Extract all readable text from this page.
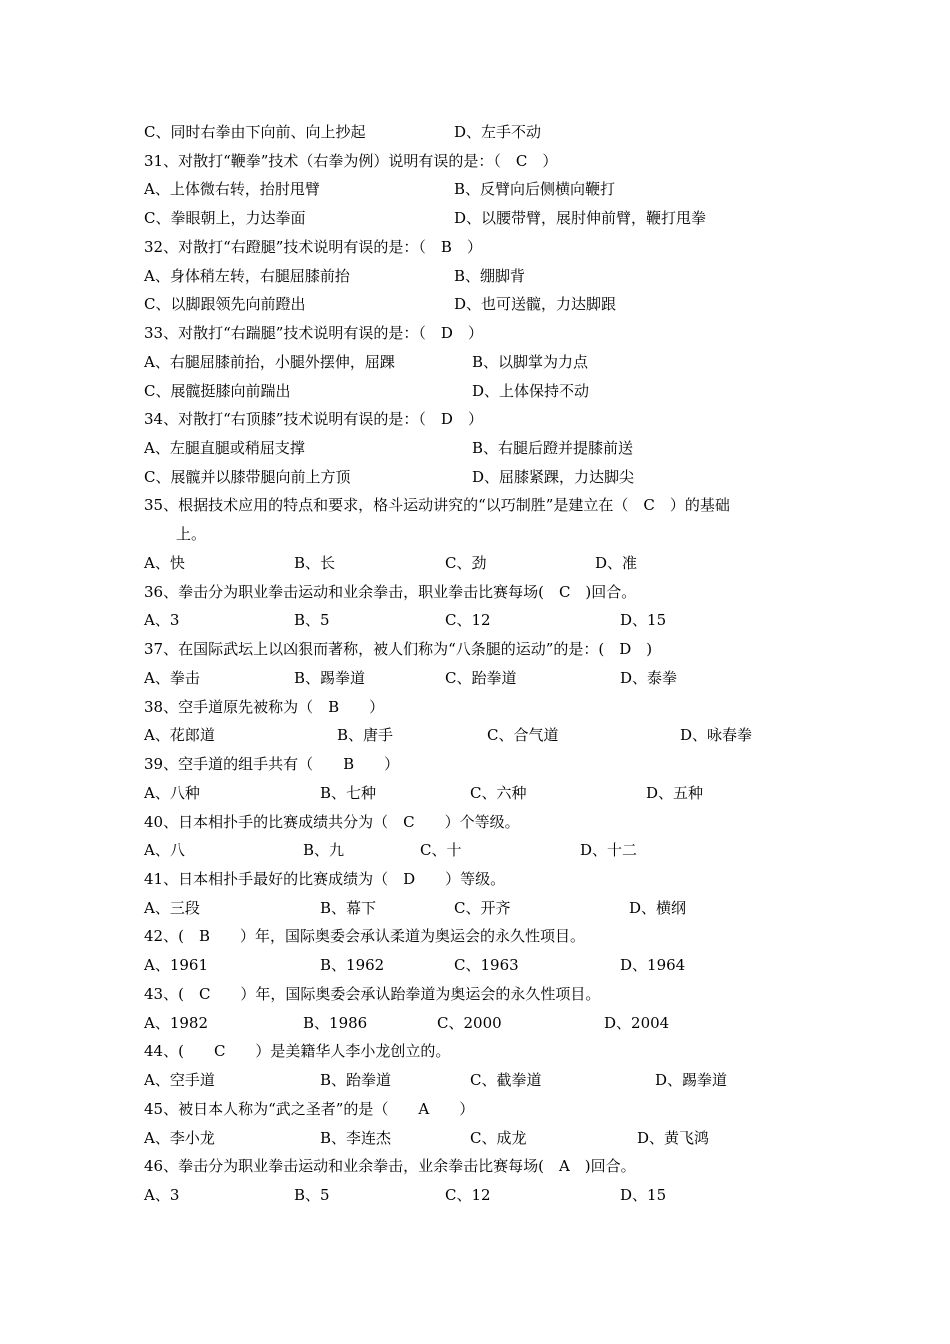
C、同时右拳由下向前、向上抄起	D、左手不动
31、对散打“鞭拳”技术（右拳为例）说明有误的是：（　C　）
A、上体微右转，抬肘甩臂	B、反臂向后侧横向鞭打
C、拳眼朝上，力达拳面	D、以腰带臂，展肘伸前臂，鞭打甩拳
32、对散打“右蹬腿”技术说明有误的是：（　B　）
A、身体稍左转，右腿屈膝前抬	B、绷脚背
C、以脚跟领先向前蹬出	D、也可送髋，力达脚跟
33、对散打“右踹腿”技术说明有误的是：（　D　）
A、右腿屈膝前抬，小腿外摆伸，屈踝	B、以脚掌为力点
C、展髋挺膝向前踹出	D、上体保持不动
34、对散打“右顶膝”技术说明有误的是：（　D　）
A、左腿直腿或稍屈支撑	B、右腿后蹬并提膝前送
C、展髋并以膝带腿向前上方顶	D、屈膝紧踝，力达脚尖
35、根据技术应用的特点和要求，格斗运动讲究的“以巧制胜”是建立在（　C　）的基础
上。
A、快	B、长	C、劲	D、准
36、拳击分为职业拳击运动和业余拳击，职业拳击比赛每场(　C　)回合。
A、3	B、5	C、12	D、15
37、在国际武坛上以凶狠而著称，被人们称为“八条腿的运动”的是：(　D　)
A、拳击	B、踢拳道	C、跆拳道	D、泰拳
38、空手道原先被称为（　B　　）
A、花郎道	B、唐手	C、合气道	D、咏春拳
39、空手道的组手共有（　　B　　）
A、八种	B、七种	C、六种	D、五种
40、日本相扑手的比赛成绩共分为（　C　　）个等级。
A、八	B、九	C、十	D、十二
41、日本相扑手最好的比赛成绩为（　D　　）等级。
A、三段	B、幕下	C、开齐	D、横纲
42、(　B　　）年，国际奥委会承认柔道为奥运会的永久性项目。
A、1961	B、1962	C、1963	D、1964
43、(　C　　）年，国际奥委会承认跆拳道为奥运会的永久性项目。
A、1982	B、1986	C、2000	D、2004
44、(　　C　　）是美籍华人李小龙创立的。
A、空手道	B、跆拳道	C、截拳道	D、踢拳道
45、被日本人称为“武之圣者”的是（　　A　　）
A、李小龙	B、李连杰	C、成龙	D、黄飞鸿
46、拳击分为职业拳击运动和业余拳击，业余拳击比赛每场(　A　)回合。
A、3	B、5	C、12	D、15
